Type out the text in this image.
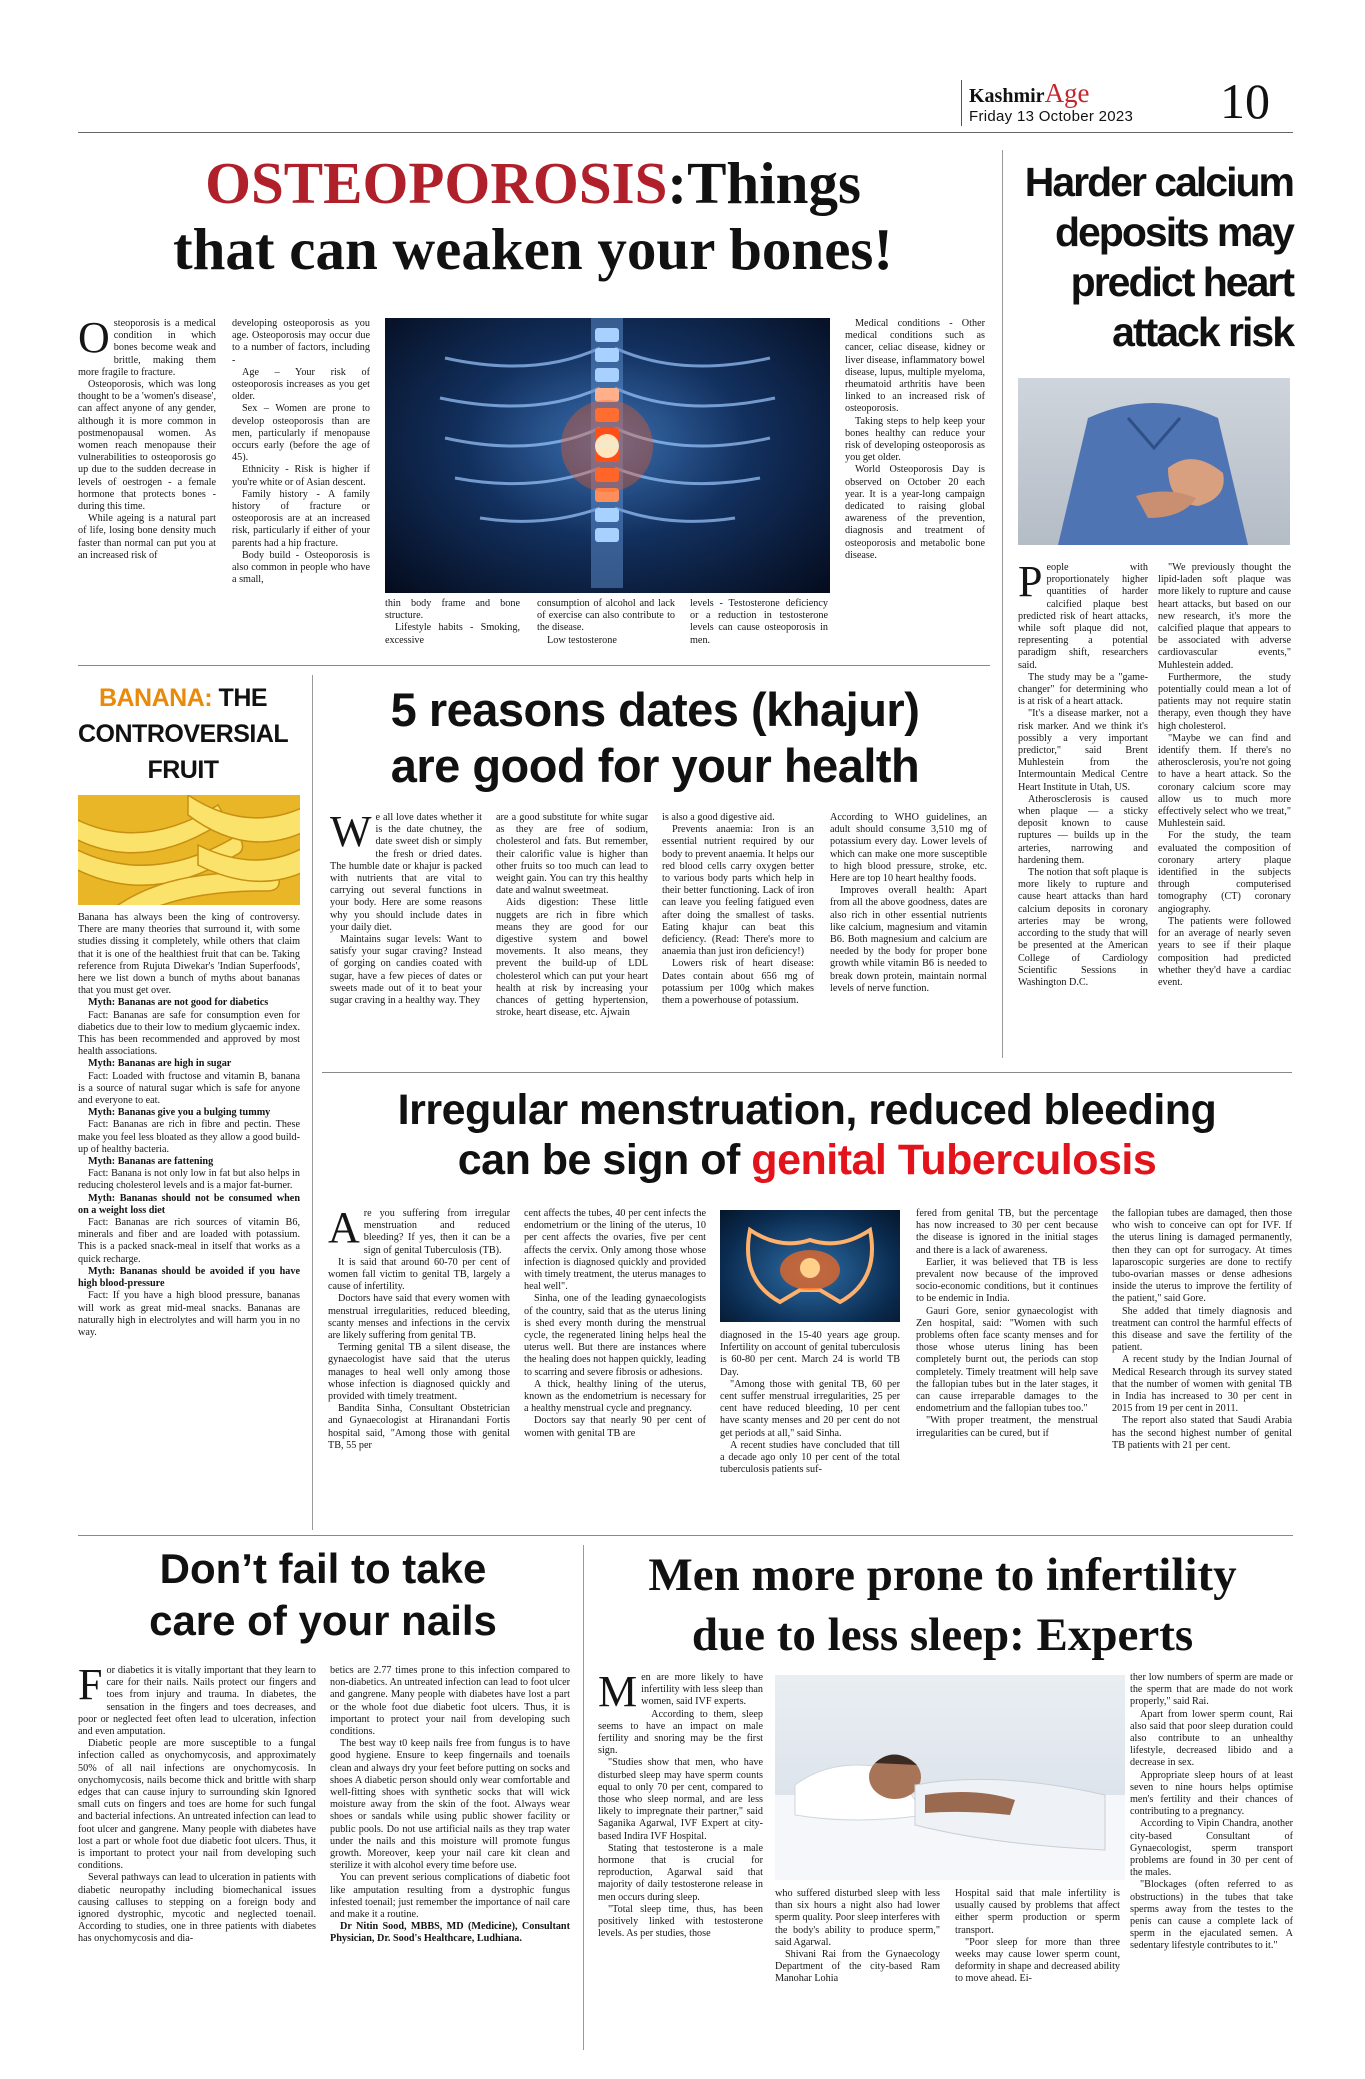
KashmirAge
Friday 13 October 2023 10
OSTEOPOROSIS:Things
that can weaken your bones!
O steoporosis is a medical condition in which bones become weak and brittle, making them more fragile to fracture.

Osteoporosis, which was long thought to be a 'women's disease', can affect anyone of any gender, although it is more common in postmenopausal women. As women reach menopause their vulnerabilities to osteoporosis go up due to the sudden decrease in levels of oestrogen - a female hormone that protects bones - during this time.

While ageing is a natural part of life, losing bone density much faster than normal can put you at an increased risk of

developing osteoporosis as you age. Osteoporosis may occur due to a number of factors, including -

Age – Your risk of osteoporosis increases as you get older.

Sex – Women are prone to develop osteoporosis than are men, particularly if menopause occurs early (before the age of 45).

Ethnicity - Risk is higher if you're white or of Asian descent.

Family history - A family history of fracture or osteoporosis are at an increased risk, particularly if either of your parents had a hip fracture.

Body build - Osteoporosis is also common in people who have a small,

thin body frame and bone structure.

Lifestyle habits - Smoking, excessive

consumption of alcohol and lack of exercise can also contribute to the disease.

Low testosterone

levels - Testosterone deficiency or a reduction in testosterone levels can cause osteoporosis in men.

Medical conditions - Other medical conditions such as cancer, celiac disease, kidney or liver disease, inflammatory bowel disease, lupus, multiple myeloma, rheumatoid arthritis have been linked to an increased risk of osteoporosis.

Taking steps to help keep your bones healthy can reduce your risk of developing osteoporosis as you get older.

World Osteoporosis Day is observed on October 20 each year. It is a year-long campaign dedicated to raising global awareness of the prevention, diagnosis and treatment of osteoporosis and metabolic bone disease.

Harder calcium deposits may predict heart attack risk
P eople with proportionately higher quantities of harder calcified plaque best predicted risk of heart attacks, while soft plaque did not, representing a potential paradigm shift, researchers said.

The study may be a "game-changer" for determining who is at risk of a heart attack.

"It's a disease marker, not a risk marker. And we think it's possibly a very important predictor," said Brent Muhlestein from the Intermountain Medical Centre Heart Institute in Utah, US.

Atherosclerosis is caused when plaque — a sticky deposit known to cause ruptures — builds up in the arteries, narrowing and hardening them.

The notion that soft plaque is more likely to rupture and cause heart attacks than hard calcium deposits in coronary arteries may be wrong, according to the study that will be presented at the American College of Cardiology Scientific Sessions in Washington D.C.

"We previously thought the lipid-laden soft plaque was more likely to rupture and cause heart attacks, but based on our new research, it's more the calcified plaque that appears to be associated with adverse cardiovascular events," Muhlestein added.

Furthermore, the study potentially could mean a lot of patients may not require statin therapy, even though they have high cholesterol.

"Maybe we can find and identify them. If there's no atherosclerosis, you're not going to have a heart attack. So the coronary calcium score may allow us to much more effectively select who we treat," Muhlestein said.

For the study, the team evaluated the composition of coronary artery plaque identified in the subjects through computerised tomography (CT) coronary angiography.

The patients were followed for an average of nearly seven years to see if their plaque composition had predicted whether they'd have a cardiac event.

BANANA: THE CONTROVERSIAL FRUIT

Banana has always been the king of controversy. There are many theories that surround it, with some studies dissing it completely, while others that claim that it is one of the healthiest fruit that can be. Taking reference from Rujuta Diwekar's 'Indian Superfoods', here we list down a bunch of myths about bananas that you must get over.

Myth: Bananas are not good for diabetics

Fact: Bananas are safe for consumption even for diabetics due to their low to medium glycaemic index. This has been recommended and approved by most health associations.

Myth: Bananas are high in sugar

Fact: Loaded with fructose and vitamin B, banana is a source of natural sugar which is safe for anyone and everyone to eat.

Myth: Bananas give you a bulging tummy

Fact: Bananas are rich in fibre and pectin. These make you feel less bloated as they allow a good build-up of healthy bacteria.

Myth: Bananas are fattening

Fact: Banana is not only low in fat but also helps in reducing cholesterol levels and is a major fat-burner.

Myth: Bananas should not be consumed when on a weight loss diet

Fact: Bananas are rich sources of vitamin B6, minerals and fiber and are loaded with potassium. This is a packed snack-meal in itself that works as a quick recharge.

Myth: Bananas should be avoided if you have high blood-pressure

Fact: If you have a high blood pressure, bananas will work as great mid-meal snacks. Bananas are naturally high in electrolytes and will harm you in no way.

5 reasons dates (khajur)
are good for your health
W e all love dates whether it is the date chutney, the date sweet dish or simply the fresh or dried dates. The humble date or khajur is packed with nutrients that are vital to carrying out several functions in your body. Here are some reasons why you should include dates in your daily diet.

Maintains sugar levels: Want to satisfy your sugar craving? Instead of gorging on candies coated with sugar, have a few pieces of dates or sweets made out of it to beat your sugar craving in a healthy way. They

are a good substitute for white sugar as they are free of sodium, cholesterol and fats. But remember, their calorific value is higher than other fruits so too much can lead to weight gain. You can try this healthy date and walnut sweetmeat.

Aids digestion: These little nuggets are rich in fibre which means they are good for our digestive system and bowel movements. It also means, they prevent the build-up of LDL cholesterol which can put your heart health at risk by increasing your chances of getting hypertension, stroke, heart disease, etc. Ajwain

is also a good digestive aid.

Prevents anaemia: Iron is an essential nutrient required by our body to prevent anaemia. It helps our red blood cells carry oxygen better to various body parts which help in their better functioning. Lack of iron can leave you feeling fatigued even after doing the smallest of tasks. Eating khajur can beat this deficiency. (Read: There's more to anaemia than just iron deficiency!)

Lowers risk of heart disease: Dates contain about 656 mg of potassium per 100g which makes them a powerhouse of potassium.

According to WHO guidelines, an adult should consume 3,510 mg of potassium every day. Lower levels of which can make one more susceptible to high blood pressure, stroke, etc. Here are top 10 heart healthy foods.

Improves overall health: Apart from all the above goodness, dates are also rich in other essential nutrients like calcium, magnesium and vitamin B6. Both magnesium and calcium are needed by the body for proper bone growth while vitamin B6 is needed to break down protein, maintain normal levels of nerve function.

Irregular menstruation, reduced bleeding
can be sign of genital Tuberculosis
A re you suffering from irregular menstruation and reduced bleeding? If yes, then it can be a sign of genital Tuberculosis (TB).

It is said that around 60-70 per cent of women fall victim to genital TB, largely a cause of infertility.

Doctors have said that every women with menstrual irregularities, reduced bleeding, scanty menses and infections in the cervix are likely suffering from genital TB.

Terming genital TB a silent disease, the gynaecologist have said that the uterus manages to heal well only among those whose infection is diagnosed quickly and provided with timely treatment.

Bandita Sinha, Consultant Obstetrician and Gynaecologist at Hiranandani Fortis hospital said, "Among those with genital TB, 55 per

cent affects the tubes, 40 per cent infects the endometrium or the lining of the uterus, 10 per cent affects the ovaries, five per cent affects the cervix. Only among those whose infection is diagnosed quickly and provided with timely treatment, the uterus manages to heal well".

Sinha, one of the leading gynaecologists of the country, said that as the uterus lining is shed every month during the menstrual cycle, the regenerated lining helps heal the uterus well. But there are instances where the healing does not happen quickly, leading to scarring and severe fibrosis or adhesions.

A thick, healthy lining of the uterus, known as the endometrium is necessary for a healthy menstrual cycle and pregnancy.

Doctors say that nearly 90 per cent of women with genital TB are

diagnosed in the 15-40 years age group. Infertility on account of genital tuberculosis is 60-80 per cent. March 24 is world TB Day.

"Among those with genital TB, 60 per cent suffer menstrual irregularities, 25 per cent have reduced bleeding, 10 per cent have scanty menses and 20 per cent do not get periods at all," said Sinha.

A recent studies have concluded that till a decade ago only 10 per cent of the total tuberculosis patients suf-

fered from genital TB, but the percentage has now increased to 30 per cent because the disease is ignored in the initial stages and there is a lack of awareness.

Earlier, it was believed that TB is less prevalent now because of the improved socio-economic conditions, but it continues to be endemic in India.

Gauri Gore, senior gynaecologist with Zen hospital, said: "Women with such problems often face scanty menses and for those whose uterus lining has been completely burnt out, the periods can stop completely. Timely treatment will help save the fallopian tubes but in the later stages, it can cause irreparable damages to the endometrium and the fallopian tubes too."

"With proper treatment, the menstrual irregularities can be cured, but if

the fallopian tubes are damaged, then those who wish to conceive can opt for IVF. If the uterus lining is damaged permanently, then they can opt for surrogacy. At times laparoscopic surgeries are done to rectify tubo-ovarian masses or dense adhesions inside the uterus to improve the fertility of the patient," said Gore.

She added that timely diagnosis and treatment can control the harmful effects of this disease and save the fertility of the patient.

A recent study by the Indian Journal of Medical Research through its survey stated that the number of women with genital TB in India has increased to 30 per cent in 2015 from 19 per cent in 2011.

The report also stated that Saudi Arabia has the second highest number of genital TB patients with 21 per cent.

Don’t fail to take
care of your nails
F or diabetics it is vitally important that they learn to care for their nails. Nails protect our fingers and toes from injury and trauma. In diabetes, the sensation in the fingers and toes decreases, and poor or neglected feet often lead to ulceration, infection and even amputation.

Diabetic people are more susceptible to a fungal infection called as onychomycosis, and approximately 50% of all nail infections are onychomycosis. In onychomycosis, nails become thick and brittle with sharp edges that can cause injury to surrounding skin Ignored small cuts on fingers and toes are home for such fungal and bacterial infections. An untreated infection can lead to foot ulcer and gangrene. Many people with diabetes have lost a part or whole foot due diabetic foot ulcers. Thus, it is important to protect your nail from developing such conditions.

Several pathways can lead to ulceration in patients with diabetic neuropathy including biomechanical issues causing calluses to stepping on a foreign body and ignored dystrophic, mycotic and neglected toenail. According to studies, one in three patients with diabetes has onychomycosis and dia-

betics are 2.77 times prone to this infection compared to non-diabetics. An untreated infection can lead to foot ulcer and gangrene. Many people with diabetes have lost a part or the whole foot due diabetic foot ulcers. Thus, it is important to protect your nail from developing such conditions.

The best way t0 keep nails free from fungus is to have good hygiene. Ensure to keep fingernails and toenails clean and always dry your feet before putting on socks and shoes A diabetic person should only wear comfortable and well-fitting shoes with synthetic socks that will wick moisture away from the skin of the foot. Always wear shoes or sandals while using public shower facility or public pools. Do not use artificial nails as they trap water under the nails and this moisture will promote fungus growth. Moreover, keep your nail care kit clean and sterilize it with alcohol every time before use.

You can prevent serious complications of diabetic foot like amputation resulting from a dystrophic fungus infested toenail; just remember the importance of nail care and make it a routine.

Dr Nitin Sood, MBBS, MD (Medicine), Consultant Physician, Dr. Sood's Healthcare, Ludhiana.

Men more prone to infertility
due to less sleep: Experts
M en are more likely to have infertility with less sleep than women, said IVF experts.

According to them, sleep seems to have an impact on male fertility and snoring may be the first sign.

"Studies show that men, who have disturbed sleep may have sperm counts equal to only 70 per cent, compared to those who sleep normal, and are less likely to impregnate their partner," said Saganika Agarwal, IVF Expert at city-based Indira IVF Hospital.

Stating that testosterone is a male hormone that is crucial for reproduction, Agarwal said that majority of daily testosterone release in men occurs during sleep.

"Total sleep time, thus, has been positively linked with testosterone levels. As per studies, those

who suffered disturbed sleep with less than six hours a night also had lower sperm quality. Poor sleep interferes with the body's ability to produce sperm," said Agarwal.

Shivani Rai from the Gynaecology Department of the city-based Ram Manohar Lohia

Hospital said that male infertility is usually caused by problems that affect either sperm production or sperm transport.

"Poor sleep for more than three weeks may cause lower sperm count, deformity in shape and decreased ability to move ahead. Ei-

ther low numbers of sperm are made or the sperm that are made do not work properly," said Rai.

Apart from lower sperm count, Rai also said that poor sleep duration could also contribute to an unhealthy lifestyle, decreased libido and a decrease in sex.

Appropriate sleep hours of at least seven to nine hours helps optimise men's fertility and their chances of contributing to a pregnancy.

According to Vipin Chandra, another city-based Consultant of Gynaecologist, sperm transport problems are found in 30 per cent of the males.

"Blockages (often referred to as obstructions) in the tubes that take sperms away from the testes to the penis can cause a complete lack of sperm in the ejaculated semen. A sedentary lifestyle contributes to it."
